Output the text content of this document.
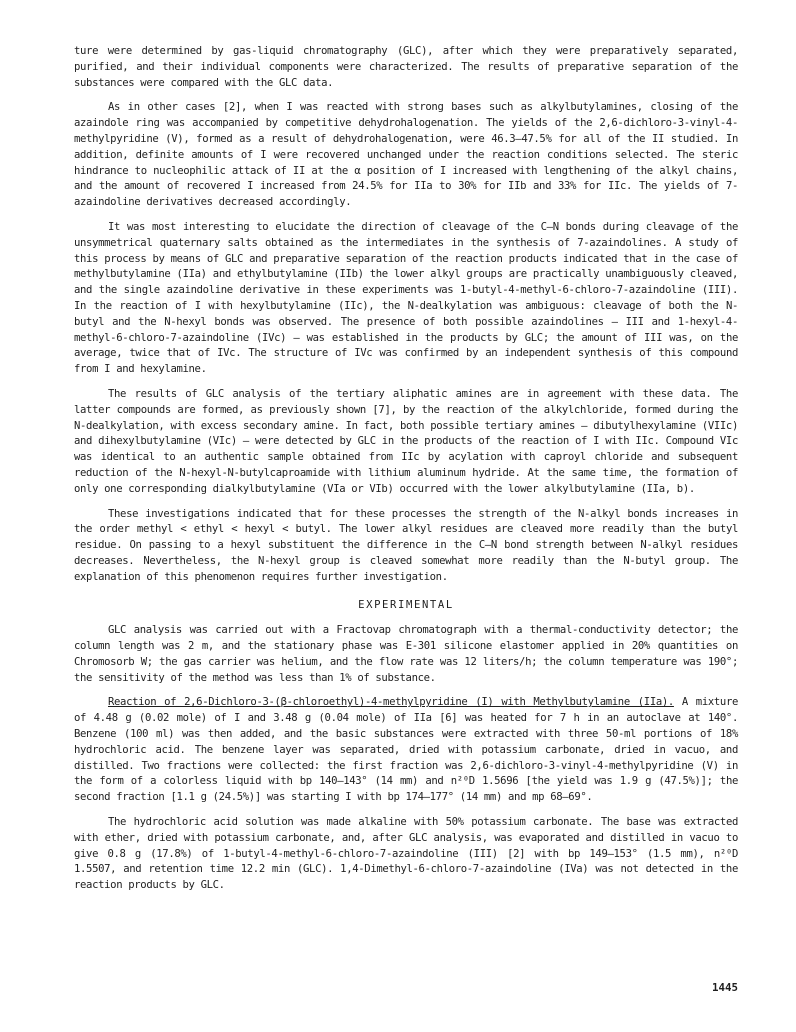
ture were determined by gas-liquid chromatography (GLC), after which they were preparatively separated, purified, and their individual components were characterized. The results of preparative separation of the substances were compared with the GLC data.

As in other cases [2], when I was reacted with strong bases such as alkylbutylamines, closing of the azaindole ring was accompanied by competitive dehydrohalogenation. The yields of the 2,6-dichloro-3-vinyl-4-methylpyridine (V), formed as a result of dehydrohalogenation, were 46.3–47.5% for all of the II studied. In addition, definite amounts of I were recovered unchanged under the reaction conditions selected. The steric hindrance to nucleophilic attack of II at the α position of I increased with lengthening of the alkyl chains, and the amount of recovered I increased from 24.5% for IIa to 30% for IIb and 33% for IIc. The yields of 7-azaindoline derivatives decreased accordingly.

It was most interesting to elucidate the direction of cleavage of the C–N bonds during cleavage of the unsymmetrical quaternary salts obtained as the intermediates in the synthesis of 7-azaindolines. A study of this process by means of GLC and preparative separation of the reaction products indicated that in the case of methylbutylamine (IIa) and ethylbutylamine (IIb) the lower alkyl groups are practically unambiguously cleaved, and the single azaindoline derivative in these experiments was 1-butyl-4-methyl-6-chloro-7-azaindoline (III). In the reaction of I with hexylbutylamine (IIc), the N-dealkylation was ambiguous: cleavage of both the N-butyl and the N-hexyl bonds was observed. The presence of both possible azaindolines – III and 1-hexyl-4-methyl-6-chloro-7-azaindoline (IVc) – was established in the products by GLC; the amount of III was, on the average, twice that of IVc. The structure of IVc was confirmed by an independent synthesis of this compound from I and hexylamine.

The results of GLC analysis of the tertiary aliphatic amines are in agreement with these data. The latter compounds are formed, as previously shown [7], by the reaction of the alkylchloride, formed during the N-dealkylation, with excess secondary amine. In fact, both possible tertiary amines – dibutylhexylamine (VIIc) and dihexylbutylamine (VIc) – were detected by GLC in the products of the reaction of I with IIc. Compound VIc was identical to an authentic sample obtained from IIc by acylation with caproyl chloride and subsequent reduction of the N-hexyl-N-butylcaproamide with lithium aluminum hydride. At the same time, the formation of only one corresponding dialkylbutylamine (VIa or VIb) occurred with the lower alkylbutylamine (IIa, b).

These investigations indicated that for these processes the strength of the N-alkyl bonds increases in the order methyl < ethyl < hexyl < butyl. The lower alkyl residues are cleaved more readily than the butyl residue. On passing to a hexyl substituent the difference in the C–N bond strength between N-alkyl residues decreases. Nevertheless, the N-hexyl group is cleaved somewhat more readily than the N-butyl group. The explanation of this phenomenon requires further investigation.

EXPERIMENTAL

GLC analysis was carried out with a Fractovap chromatograph with a thermal-conductivity detector; the column length was 2 m, and the stationary phase was E-301 silicone elastomer applied in 20% quantities on Chromosorb W; the gas carrier was helium, and the flow rate was 12 liters/h; the column temperature was 190°; the sensitivity of the method was less than 1% of substance.

Reaction of 2,6-Dichloro-3-(β-chloroethyl)-4-methylpyridine (I) with Methylbutylamine (IIa). A mixture of 4.48 g (0.02 mole) of I and 3.48 g (0.04 mole) of IIa [6] was heated for 7 h in an autoclave at 140°. Benzene (100 ml) was then added, and the basic substances were extracted with three 50-ml portions of 18% hydrochloric acid. The benzene layer was separated, dried with potassium carbonate, dried in vacuo, and distilled. Two fractions were collected: the first fraction was 2,6-dichloro-3-vinyl-4-methylpyridine (V) in the form of a colorless liquid with bp 140–143° (14 mm) and n²⁰D 1.5696 [the yield was 1.9 g (47.5%)]; the second fraction [1.1 g (24.5%)] was starting I with bp 174–177° (14 mm) and mp 68–69°.

The hydrochloric acid solution was made alkaline with 50% potassium carbonate. The base was extracted with ether, dried with potassium carbonate, and, after GLC analysis, was evaporated and distilled in vacuo to give 0.8 g (17.8%) of 1-butyl-4-methyl-6-chloro-7-azaindoline (III) [2] with bp 149–153° (1.5 mm), n²⁰D 1.5507, and retention time 12.2 min (GLC). 1,4-Dimethyl-6-chloro-7-azaindoline (IVa) was not detected in the reaction products by GLC.

1445
